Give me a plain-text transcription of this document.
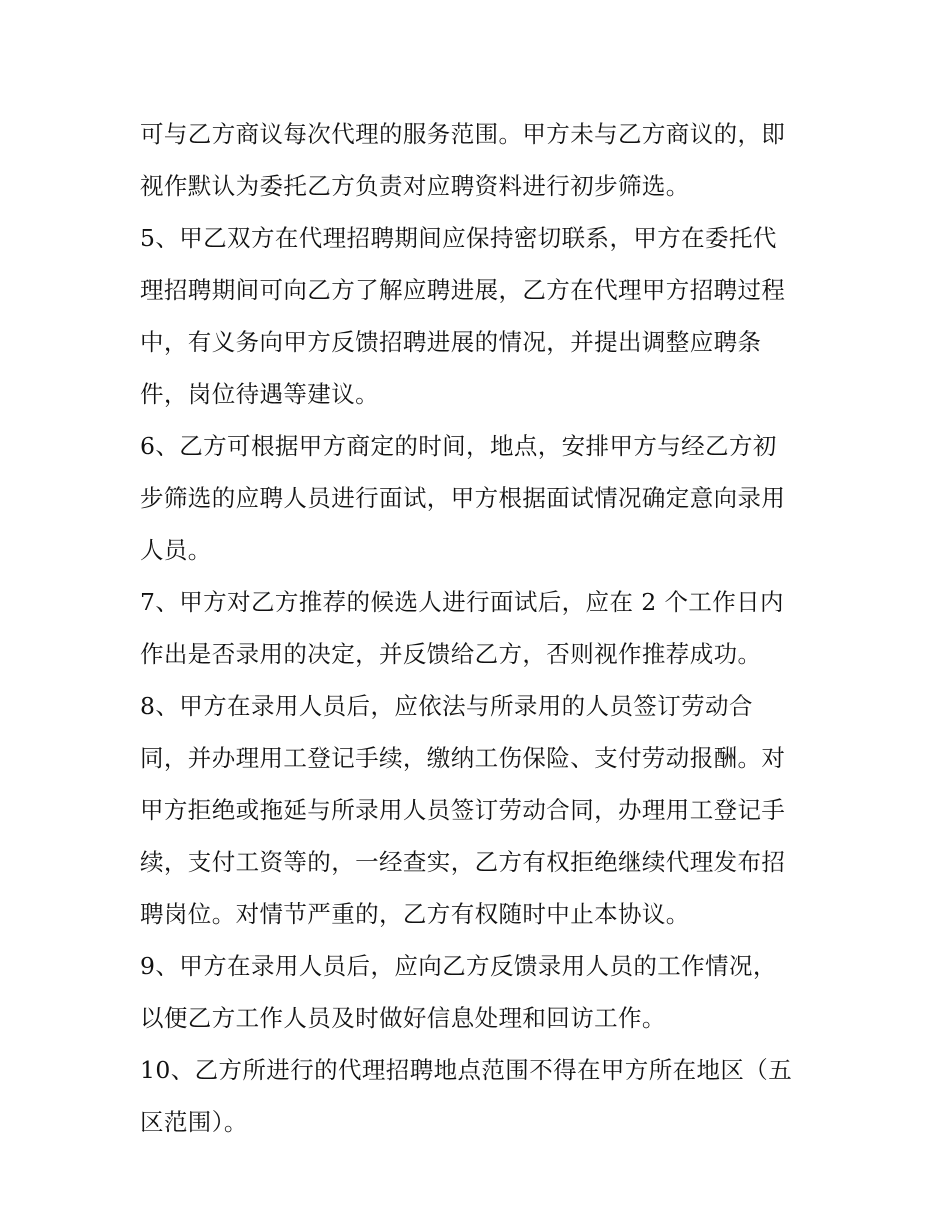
可与乙方商议每次代理的服务范围。甲方未与乙方商议的，即
视作默认为委托乙方负责对应聘资料进行初步筛选。
5、甲乙双方在代理招聘期间应保持密切联系，甲方在委托代
理招聘期间可向乙方了解应聘进展，乙方在代理甲方招聘过程
中，有义务向甲方反馈招聘进展的情况，并提出调整应聘条
件，岗位待遇等建议。
6、乙方可根据甲方商定的时间，地点，安排甲方与经乙方初
步筛选的应聘人员进行面试，甲方根据面试情况确定意向录用
人员。
7、甲方对乙方推荐的候选人进行面试后，应在 2 个工作日内
作出是否录用的决定，并反馈给乙方，否则视作推荐成功。
8、甲方在录用人员后，应依法与所录用的人员签订劳动合
同，并办理用工登记手续，缴纳工伤保险、支付劳动报酬。对
甲方拒绝或拖延与所录用人员签订劳动合同，办理用工登记手
续，支付工资等的，一经查实，乙方有权拒绝继续代理发布招
聘岗位。对情节严重的，乙方有权随时中止本协议。
9、甲方在录用人员后，应向乙方反馈录用人员的工作情况，
以便乙方工作人员及时做好信息处理和回访工作。
10、乙方所进行的代理招聘地点范围不得在甲方所在地区（五
区范围）。
